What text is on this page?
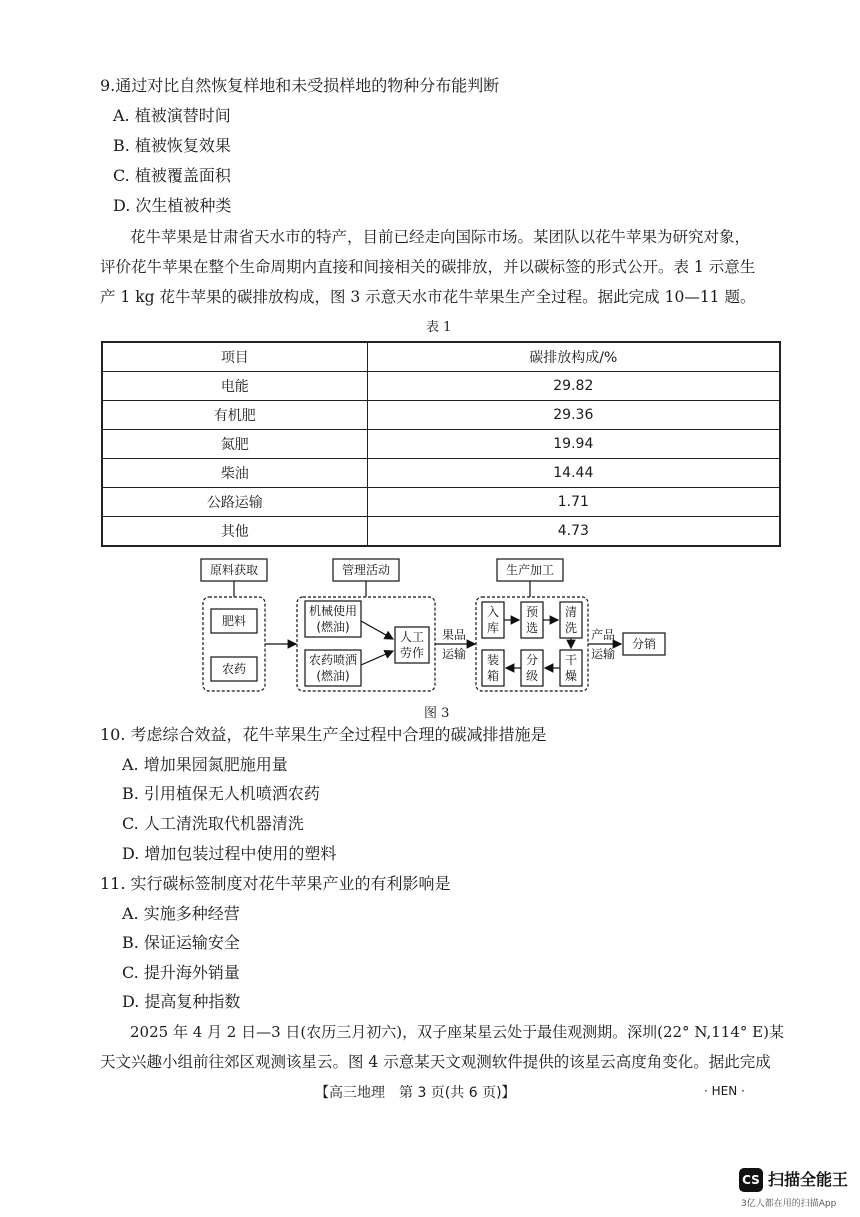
9.通过对比自然恢复样地和未受损样地的物种分布能判断
A. 植被演替时间
B. 植被恢复效果
C. 植被覆盖面积
D. 次生植被种类
花牛苹果是甘肃省天水市的特产，目前已经走向国际市场。某团队以花牛苹果为研究对象，
评价花牛苹果在整个生命周期内直接和间接相关的碳排放，并以碳标签的形式公开。表 1 示意生
产 1 kg 花牛苹果的碳排放构成，图 3 示意天水市花牛苹果生产全过程。据此完成 10—11 题。
表 1
项目	碳排放构成/%
电能	29.82
有机肥	29.36
氮肥	19.94
柴油	14.44
公路运输	1.71
其他	4.73
原料获取
肥料
农药
管理活动
机械使用
(燃油)
农药喷洒
(燃油)
人工
劳作
果品
运输
生产加工
入
库
预
选
清
洗
干
燥
分
级
装
箱
产品
运输
分销
图 3
10. 考虑综合效益，花牛苹果生产全过程中合理的碳减排措施是
A. 增加果园氮肥施用量
B. 引用植保无人机喷洒农药
C. 人工清洗取代机器清洗
D. 增加包装过程中使用的塑料
11. 实行碳标签制度对花牛苹果产业的有利影响是
A. 实施多种经营
B. 保证运输安全
C. 提升海外销量
D. 提高复种指数
2025 年 4 月 2 日—3 日(农历三月初六)，双子座某星云处于最佳观测期。深圳(22° N,114° E)某
天文兴趣小组前往郊区观测该星云。图 4 示意某天文观测软件提供的该星云高度角变化。据此完成
【高三地理　第 3 页(共 6 页)】	· HEN ·
CS 扫描全能王
3亿人都在用的扫描App
